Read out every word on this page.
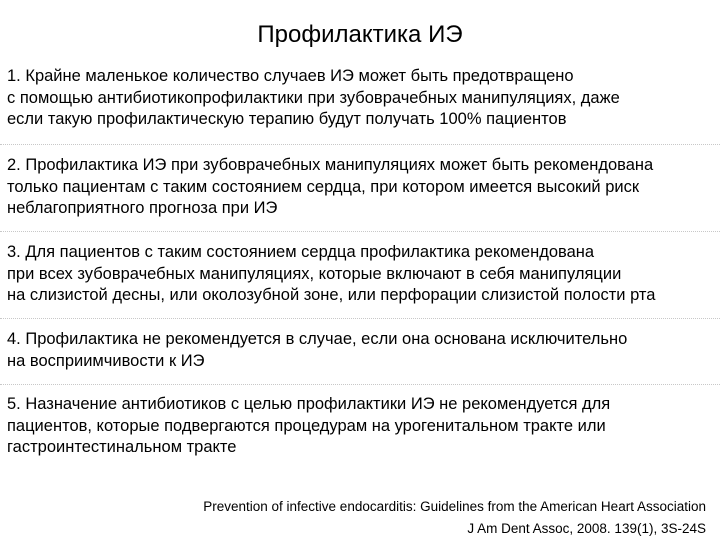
Профилактика ИЭ
1. Крайне маленькое количество случаев ИЭ может быть предотвращено
с помощью антибиотикопрофилактики при зубоврачебных манипуляциях, даже
если такую профилактическую терапию будут получать 100% пациентов
2. Профилактика ИЭ при зубоврачебных манипуляциях может быть рекомендована
только пациентам с таким состоянием сердца, при котором имеется высокий риск
неблагоприятного прогноза при ИЭ
3. Для пациентов с таким состоянием сердца профилактика рекомендована
при всех зубоврачебных манипуляциях, которые включают в себя манипуляции
на слизистой десны, или околозубной зоне, или перфорации слизистой полости рта
4. Профилактика не рекомендуется в случае, если она основана исключительно
на восприимчивости к ИЭ
5. Назначение антибиотиков с целью профилактики ИЭ не рекомендуется для
пациентов, которые подвергаются процедурам на урогенитальном тракте или
гастроинтестинальном тракте
Prevention of infective endocarditis: Guidelines from the American Heart Association
J Am Dent Assoc, 2008. 139(1), 3S-24S
